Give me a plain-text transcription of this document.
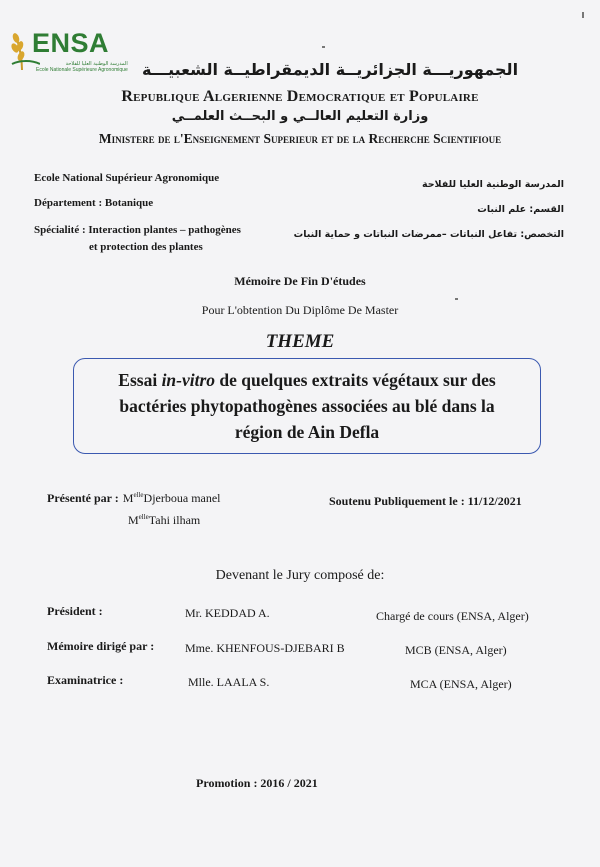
ENSA
المدرسة الوطنية العليا للفلاحة
Ecole Nationale Supérieure Agronomique الجمهوريـــة الجزائريــة الديمقراطيــة الشعبيـــة
Republique Algerienne Democratique et Populaire
وزارة التعليم العالــي و البحــث العلمــي
Ministere de l'Enseignement Superieur et de la Recherche Scientifioue
Ecole National Supérieur Agronomique
Département : Botanique
Spécialité : Interaction plantes – pathogènes
et protection des plantes
المدرسة الوطنية العليا للفلاحة
القسم: علم النبات
التخصص: تفاعل النباتات –ممرضات النباتات و حماية النبات
Mémoire De Fin D'études
Pour L'obtention Du Diplôme De Master
THEME
Essai in-vitro de quelques extraits végétaux sur des
bactéries phytopathogènes associées au blé dans la
région de Ain Defla
Présenté par : $M^{elle}Djerboua$ manel
$M^{elle}Tahi$ ilham
Soutenu Publiquement le : 11/12/2021
Devenant le Jury composé de:
Président :	Mr. KEDDAD A.	Chargé de cours (ENSA, Alger)
Mémoire dirigé par :	Mme. KHENFOUS-DJEBARI B	MCB (ENSA, Alger)
Examinatrice :	Mlle. LAALA S.	MCA (ENSA, Alger)
Promotion : 2016 / 2021
